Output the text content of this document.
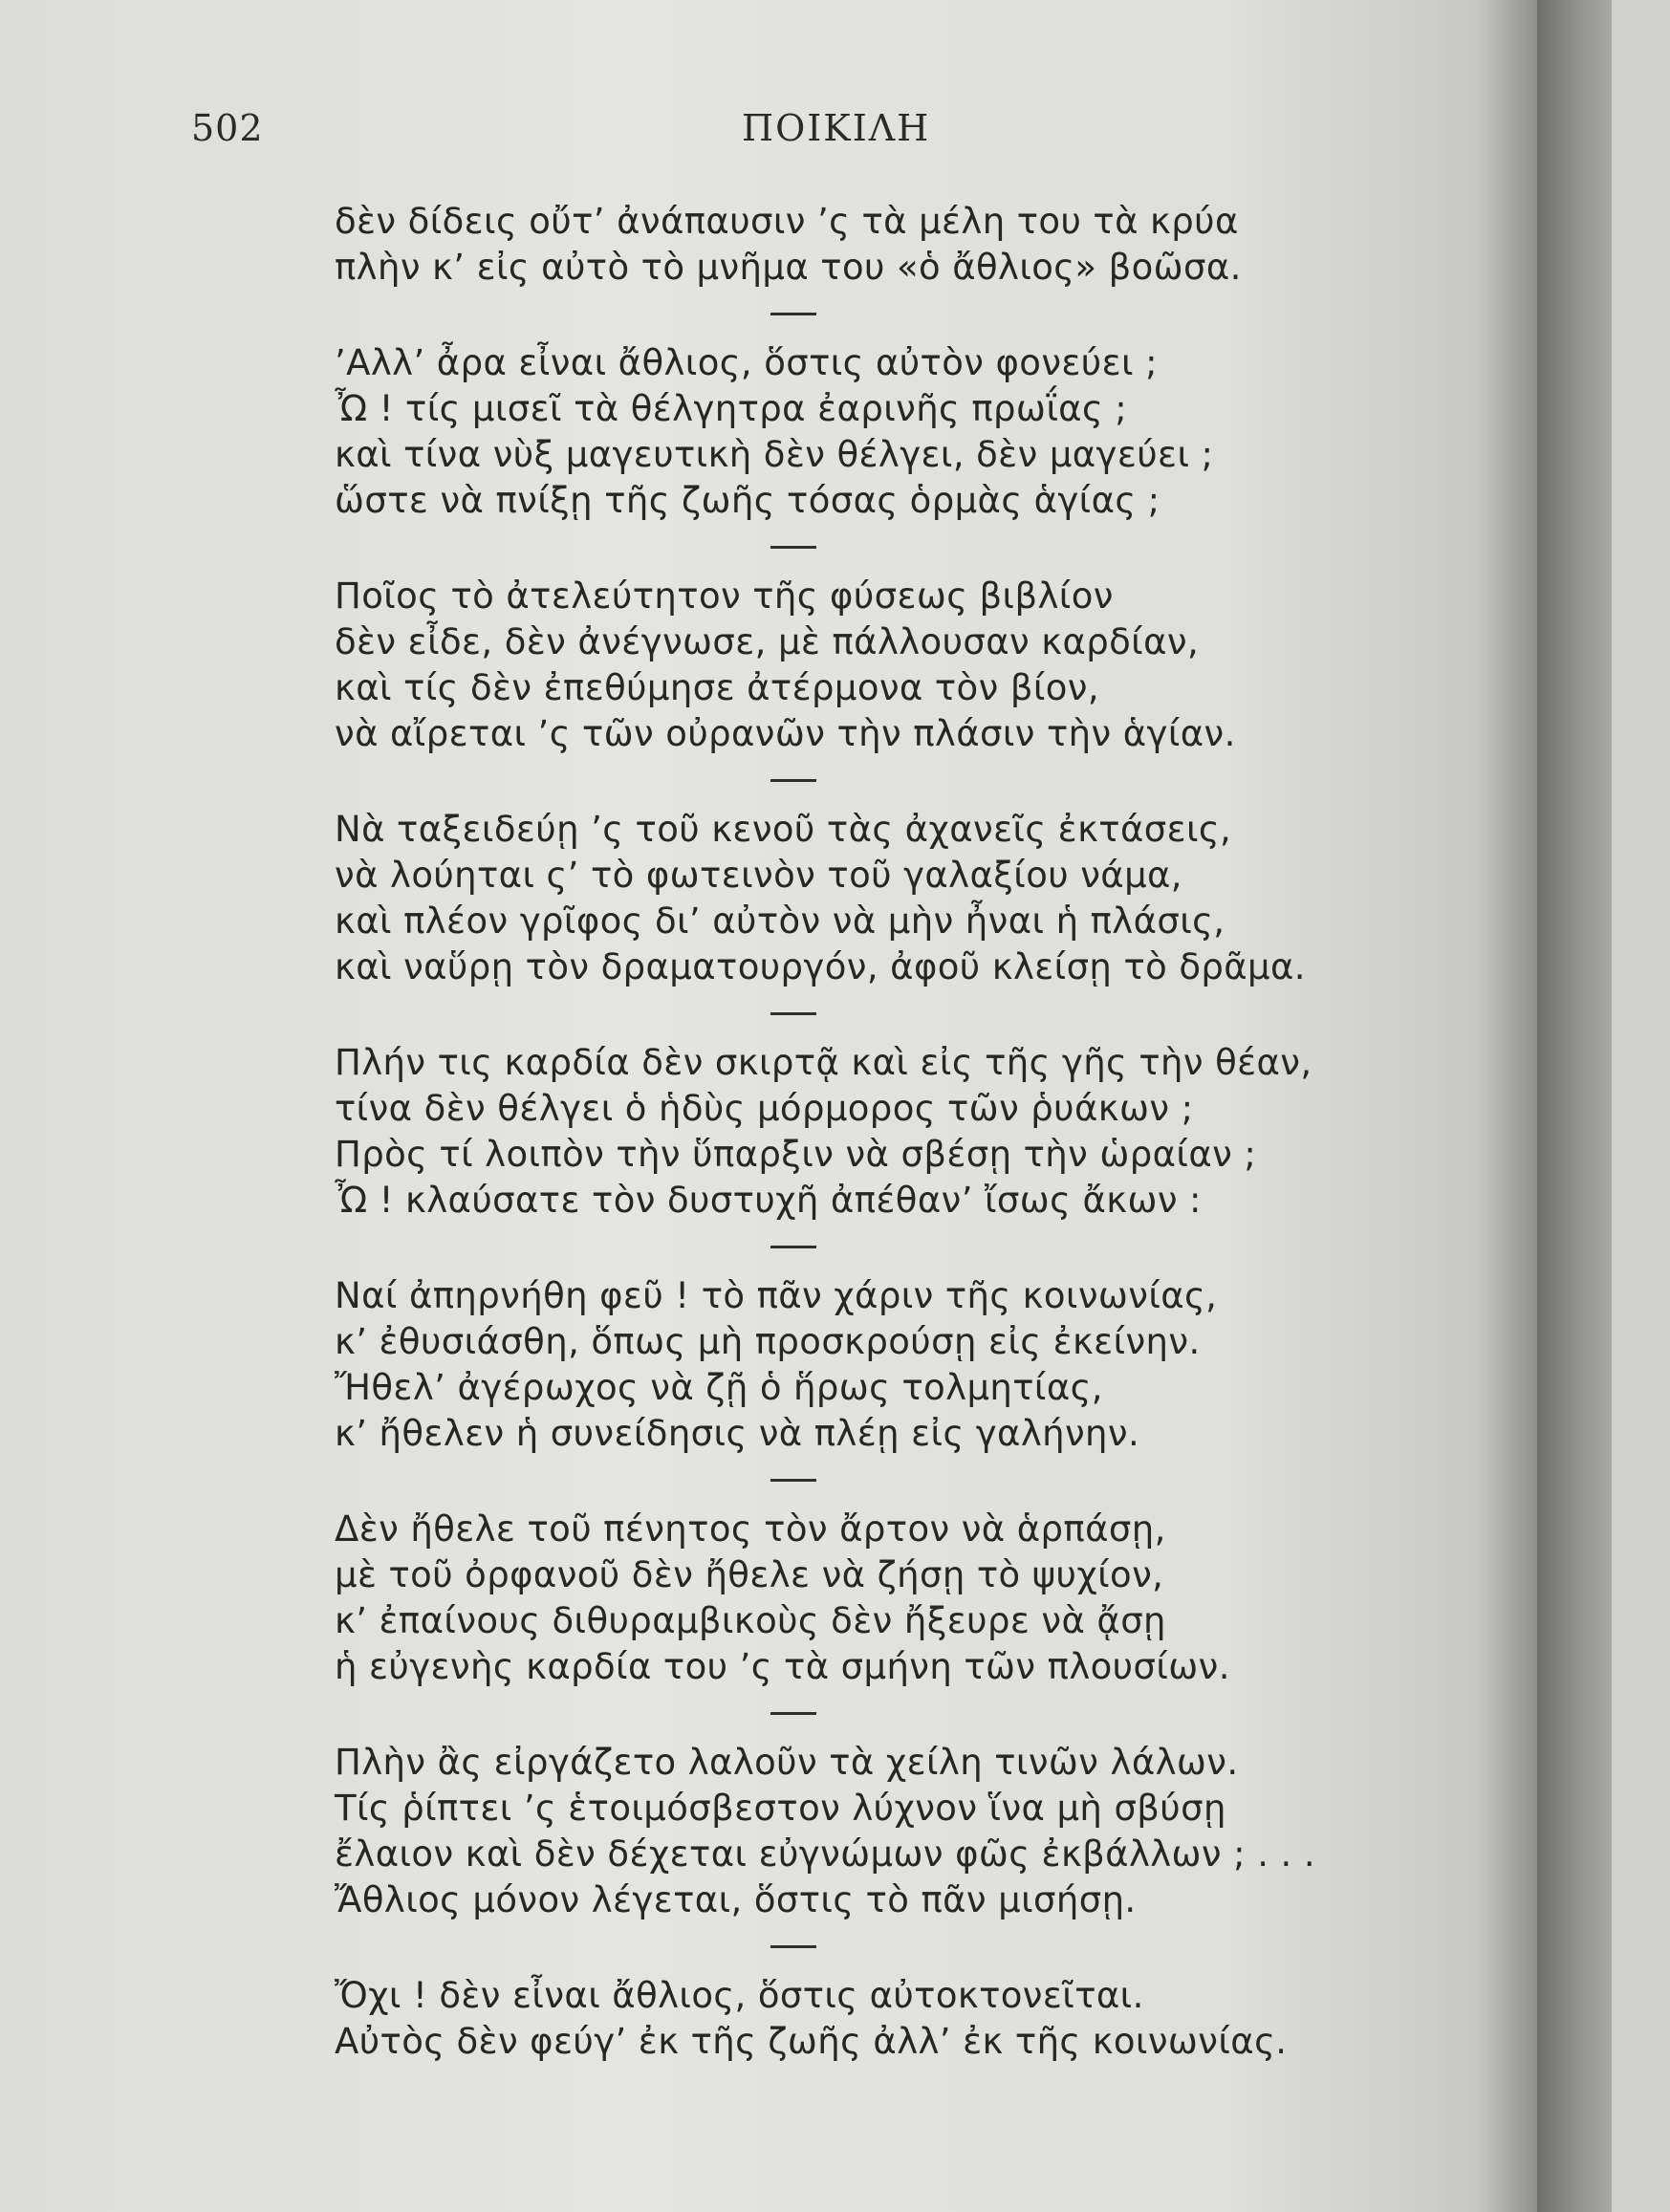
502	ΠΟΙΚΙΛΗ
δὲν δίδεις οὔτ’ ἀνάπαυσιν ’ς τὰ μέλη του τὰ κρύα
πλὴν κ’ εἰς αὐτὸ τὸ μνῆμα του «ὁ ἄθλιος» βοῶσα.
’Αλλ’ ἆρα εἶναι ἄθλιος, ὅστις αὐτὸν φονεύει ;
Ὦ ! τίς μισεῖ τὰ θέλγητρα ἐαρινῆς πρωΐας ;
καὶ τίνα νὺξ μαγευτικὴ δὲν θέλγει, δὲν μαγεύει ;
ὥστε νὰ πνίξῃ τῆς ζωῆς τόσας ὁρμὰς ἁγίας ;
Ποῖος τὸ ἀτελεύτητον τῆς φύσεως βιβλίον
δὲν εἶδε, δὲν ἀνέγνωσε, μὲ πάλλουσαν καρδίαν,
καὶ τίς δὲν ἐπεθύμησε ἀτέρμονα τὸν βίον,
νὰ αἴρεται ’ς τῶν οὐρανῶν τὴν πλάσιν τὴν ἁγίαν.
Νὰ ταξειδεύῃ ’ς τοῦ κενοῦ τὰς ἀχανεῖς ἐκτάσεις,
νὰ λούηται ς’ τὸ φωτεινὸν τοῦ γαλαξίου νάμα,
καὶ πλέον γρῖφος δι’ αὐτὸν νὰ μὴν ἦναι ἡ πλάσις,
καὶ ναὕρῃ τὸν δραματουργόν, ἀφοῦ κλείσῃ τὸ δρᾶμα.
Πλήν τις καρδία δὲν σκιρτᾷ καὶ εἰς τῆς γῆς τὴν θέαν,
τίνα δὲν θέλγει ὁ ἡδὺς μόρμορος τῶν ῥυάκων ;
Πρὸς τί λοιπὸν τὴν ὕπαρξιν νὰ σβέσῃ τὴν ὡραίαν ;
Ὦ ! κλαύσατε τὸν δυστυχῆ ἀπέθαν’ ἴσως ἄκων :
Ναί ἀπηρνήθη φεῦ ! τὸ πᾶν χάριν τῆς κοινωνίας,
κ’ ἐθυσιάσθη, ὅπως μὴ προσκρούσῃ εἰς ἐκείνην.
Ἤθελ’ ἀγέρωχος νὰ ζῇ ὁ ἥρως τολμητίας,
κ’ ἤθελεν ἡ συνείδησις νὰ πλέῃ εἰς γαλήνην.
Δὲν ἤθελε τοῦ πένητος τὸν ἄρτον νὰ ἁρπάσῃ,
μὲ τοῦ ὀρφανοῦ δὲν ἤθελε νὰ ζήσῃ τὸ ψυχίον,
κ’ ἐπαίνους διθυραμβικοὺς δὲν ἤξευρε νὰ ᾄσῃ
ἡ εὐγενὴς καρδία του ’ς τὰ σμήνη τῶν πλουσίων.
Πλὴν ἂς εἰργάζετο λαλοῦν τὰ χείλη τινῶν λάλων.
Τίς ῥίπτει ’ς ἑτοιμόσβεστον λύχνον ἵνα μὴ σβύσῃ
ἔλαιον καὶ δὲν δέχεται εὐγνώμων φῶς ἐκβάλλων ; . . .
Ἄθλιος μόνον λέγεται, ὅστις τὸ πᾶν μισήσῃ.
Ὄχι ! δὲν εἶναι ἄθλιος, ὅστις αὐτοκτονεῖται.
Αὐτὸς δὲν φεύγ’ ἐκ τῆς ζωῆς ἀλλ’ ἐκ τῆς κοινωνίας.
